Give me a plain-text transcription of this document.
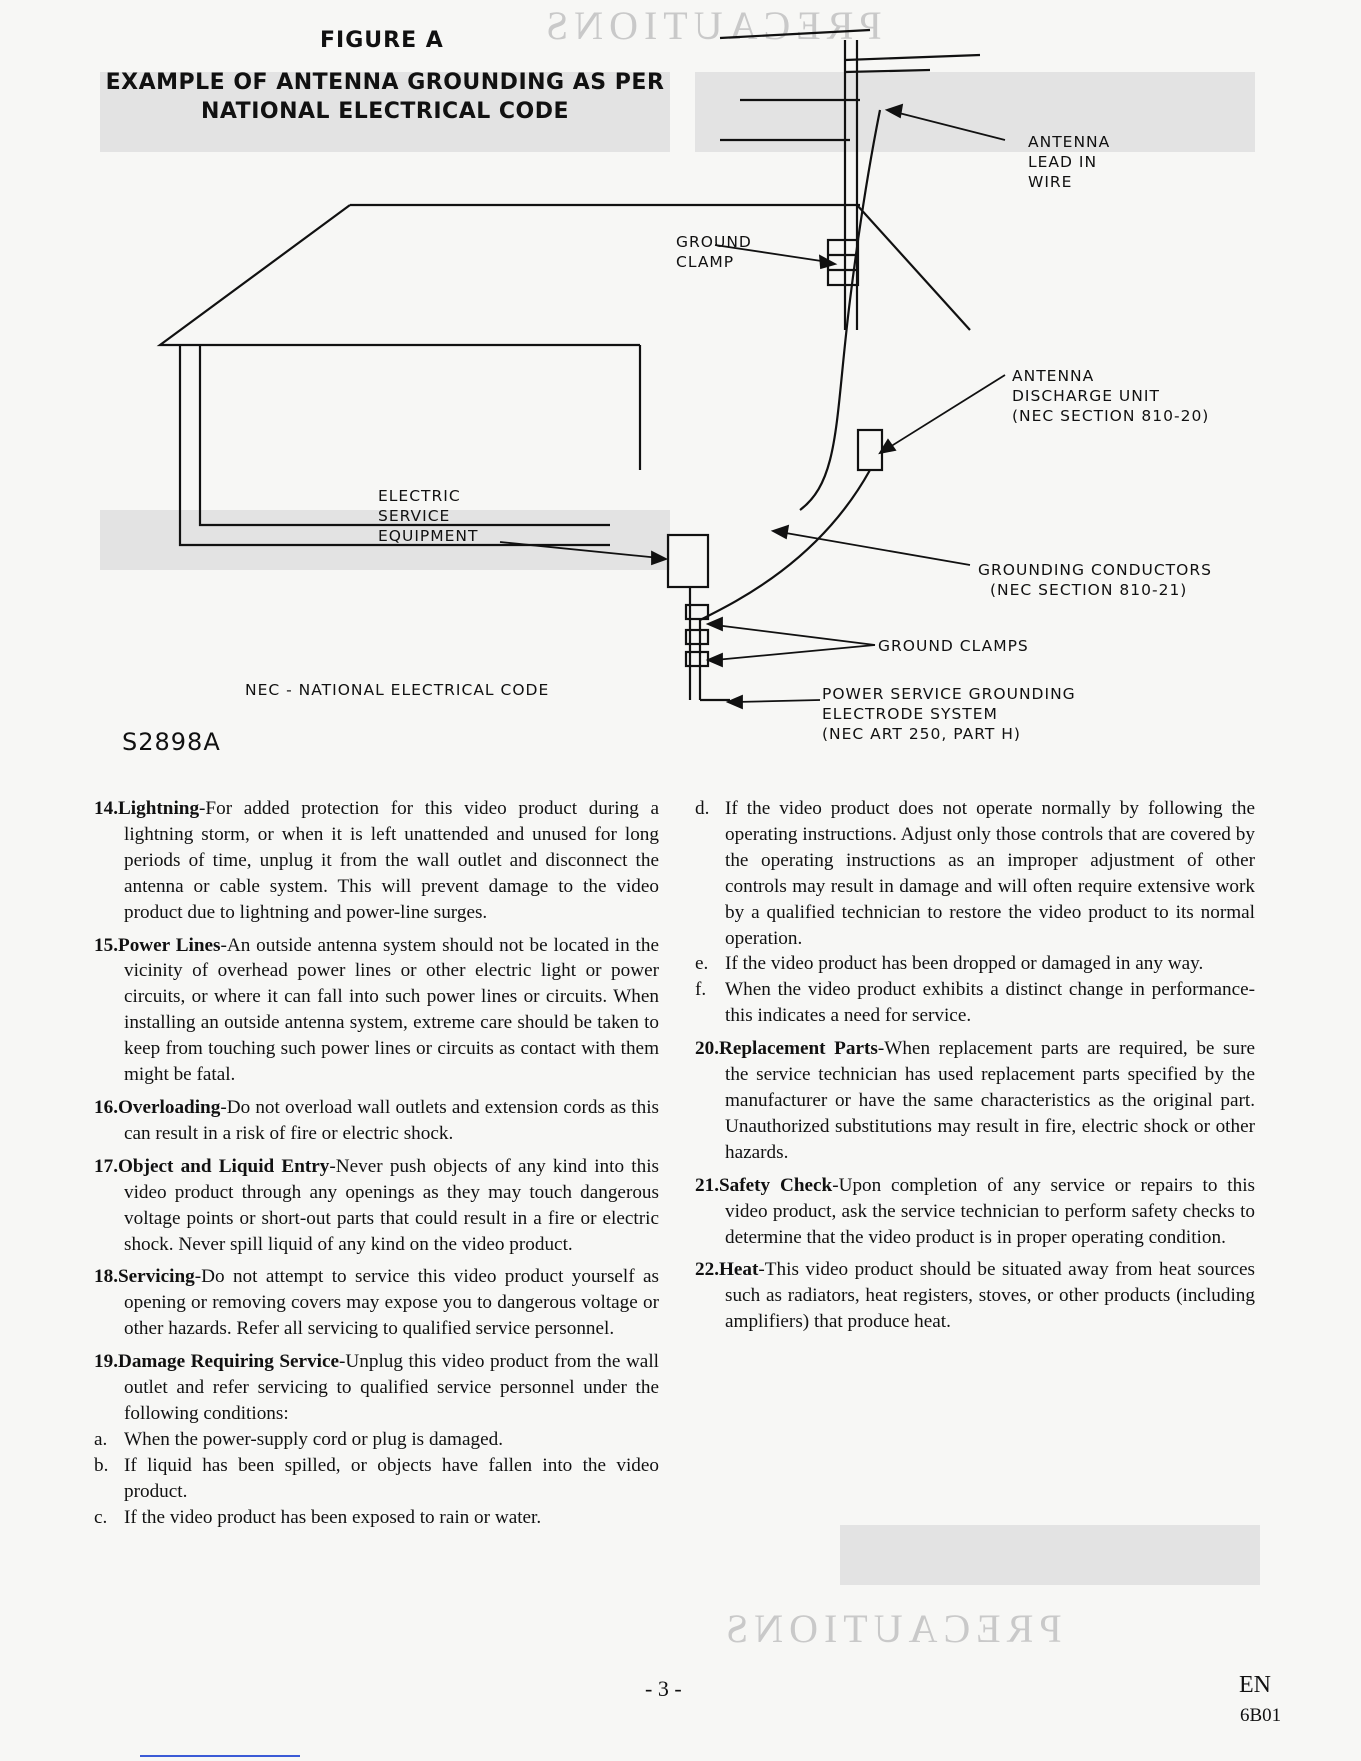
PRECAUTIONS
PRECAUTIONS
FIGURE A
EXAMPLE OF ANTENNA GROUNDING AS PER
NATIONAL ELECTRICAL CODE
ANTENNA
LEAD IN
WIRE
GROUND
CLAMP
ANTENNA
DISCHARGE UNIT
(NEC SECTION 810-20)
ELECTRIC
SERVICE
EQUIPMENT
GROUNDING CONDUCTORS
(NEC SECTION 810-21)
GROUND CLAMPS
NEC - NATIONAL ELECTRICAL CODE	POWER SERVICE GROUNDING
ELECTRODE SYSTEM
(NEC ART 250, PART H)
S2898A

14.Lightning-For added protection for this video product during a lightning storm, or when it is left unattended and unused for long periods of time, unplug it from the wall outlet and disconnect the antenna or cable system. This will prevent damage to the video product due to lightning and power-line surges.

15.Power Lines-An outside antenna system should not be located in the vicinity of overhead power lines or other electric light or power circuits, or where it can fall into such power lines or circuits. When installing an outside antenna system, extreme care should be taken to keep from touching such power lines or circuits as contact with them might be fatal.

16.Overloading-Do not overload wall outlets and extension cords as this can result in a risk of fire or electric shock.

17.Object and Liquid Entry-Never push objects of any kind into this video product through any openings as they may touch dangerous voltage points or short-out parts that could result in a fire or electric shock. Never spill liquid of any kind on the video product.

18.Servicing-Do not attempt to service this video product yourself as opening or removing covers may expose you to dangerous voltage or other hazards. Refer all servicing to qualified service personnel.

19.Damage Requiring Service-Unplug this video product from the wall outlet and refer servicing to qualified service personnel under the following conditions:

a. When the power-supply cord or plug is damaged.

b. If liquid has been spilled, or objects have fallen into the video product.

c. If the video product has been exposed to rain or water.

d. If the video product does not operate normally by following the operating instructions. Adjust only those controls that are covered by the operating instructions as an improper adjustment of other controls may result in damage and will often require extensive work by a qualified technician to restore the video product to its normal operation.

e. If the video product has been dropped or damaged in any way.

f. When the video product exhibits a distinct change in performance-this indicates a need for service.

20.Replacement Parts-When replacement parts are required, be sure the service technician has used replacement parts specified by the manufacturer or have the same characteristics as the original part. Unauthorized substitutions may result in fire, electric shock or other hazards.

21.Safety Check-Upon completion of any service or repairs to this video product, ask the service technician to perform safety checks to determine that the video product is in proper operating condition.

22.Heat-This video product should be situated away from heat sources such as radiators, heat registers, stoves, or other products (including amplifiers) that produce heat.

- 3 -	EN
6B01
